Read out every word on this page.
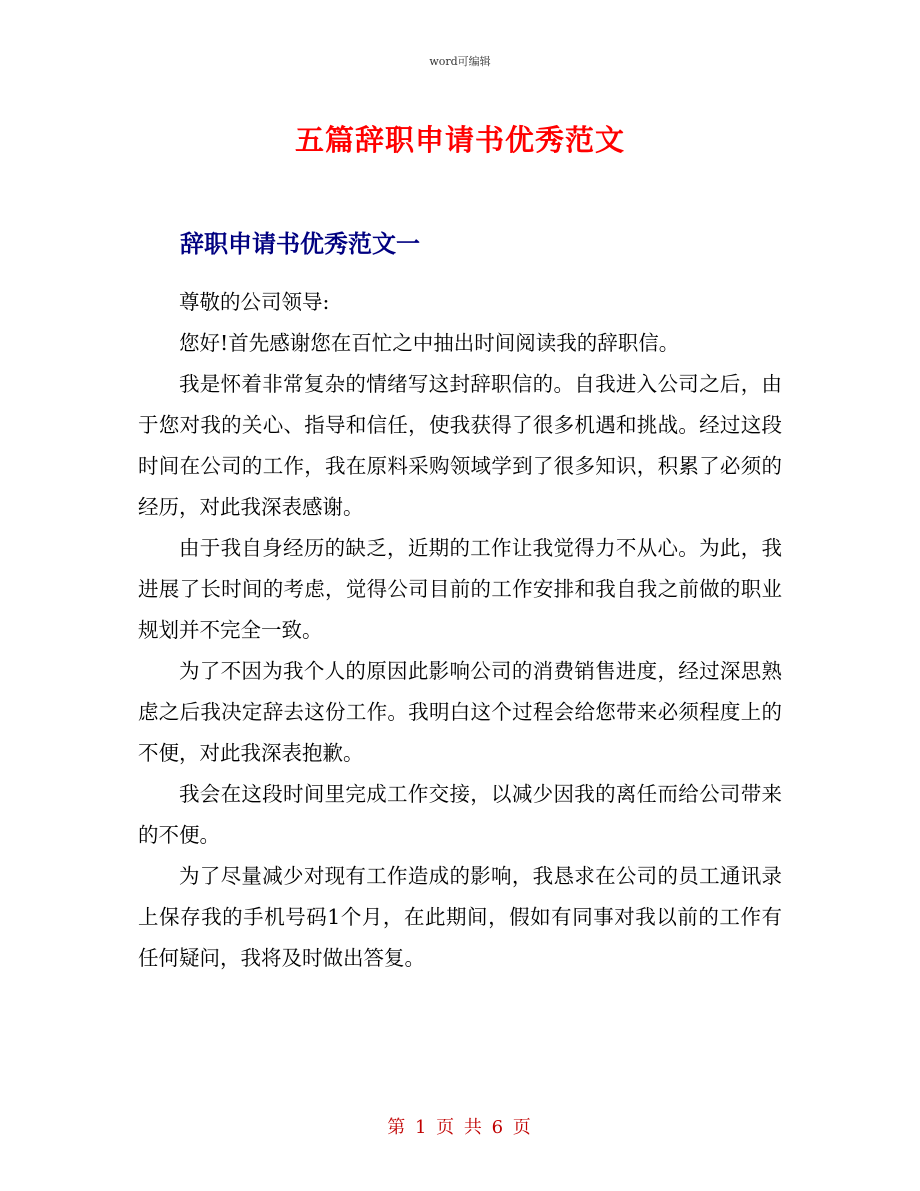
word可编辑
五篇辞职申请书优秀范文
辞职申请书优秀范文一

尊敬的公司领导:

您好!首先感谢您在百忙之中抽出时间阅读我的辞职信。

我是怀着非常复杂的情绪写这封辞职信的。自我进入公司之后，由于您对我的关心、指导和信任，使我获得了很多机遇和挑战。经过这段时间在公司的工作，我在原料采购领域学到了很多知识，积累了必须的经历，对此我深表感谢。

由于我自身经历的缺乏，近期的工作让我觉得力不从心。为此，我进展了长时间的考虑，觉得公司目前的工作安排和我自我之前做的职业规划并不完全一致。

为了不因为我个人的原因此影响公司的消费销售进度，经过深思熟虑之后我决定辞去这份工作。我明白这个过程会给您带来必须程度上的不便，对此我深表抱歉。

我会在这段时间里完成工作交接，以减少因我的离任而给公司带来的不便。

为了尽量减少对现有工作造成的影响，我恳求在公司的员工通讯录上保存我的手机号码1个月，在此期间，假如有同事对我以前的工作有任何疑问，我将及时做出答复。

第 1 页 共 6 页
